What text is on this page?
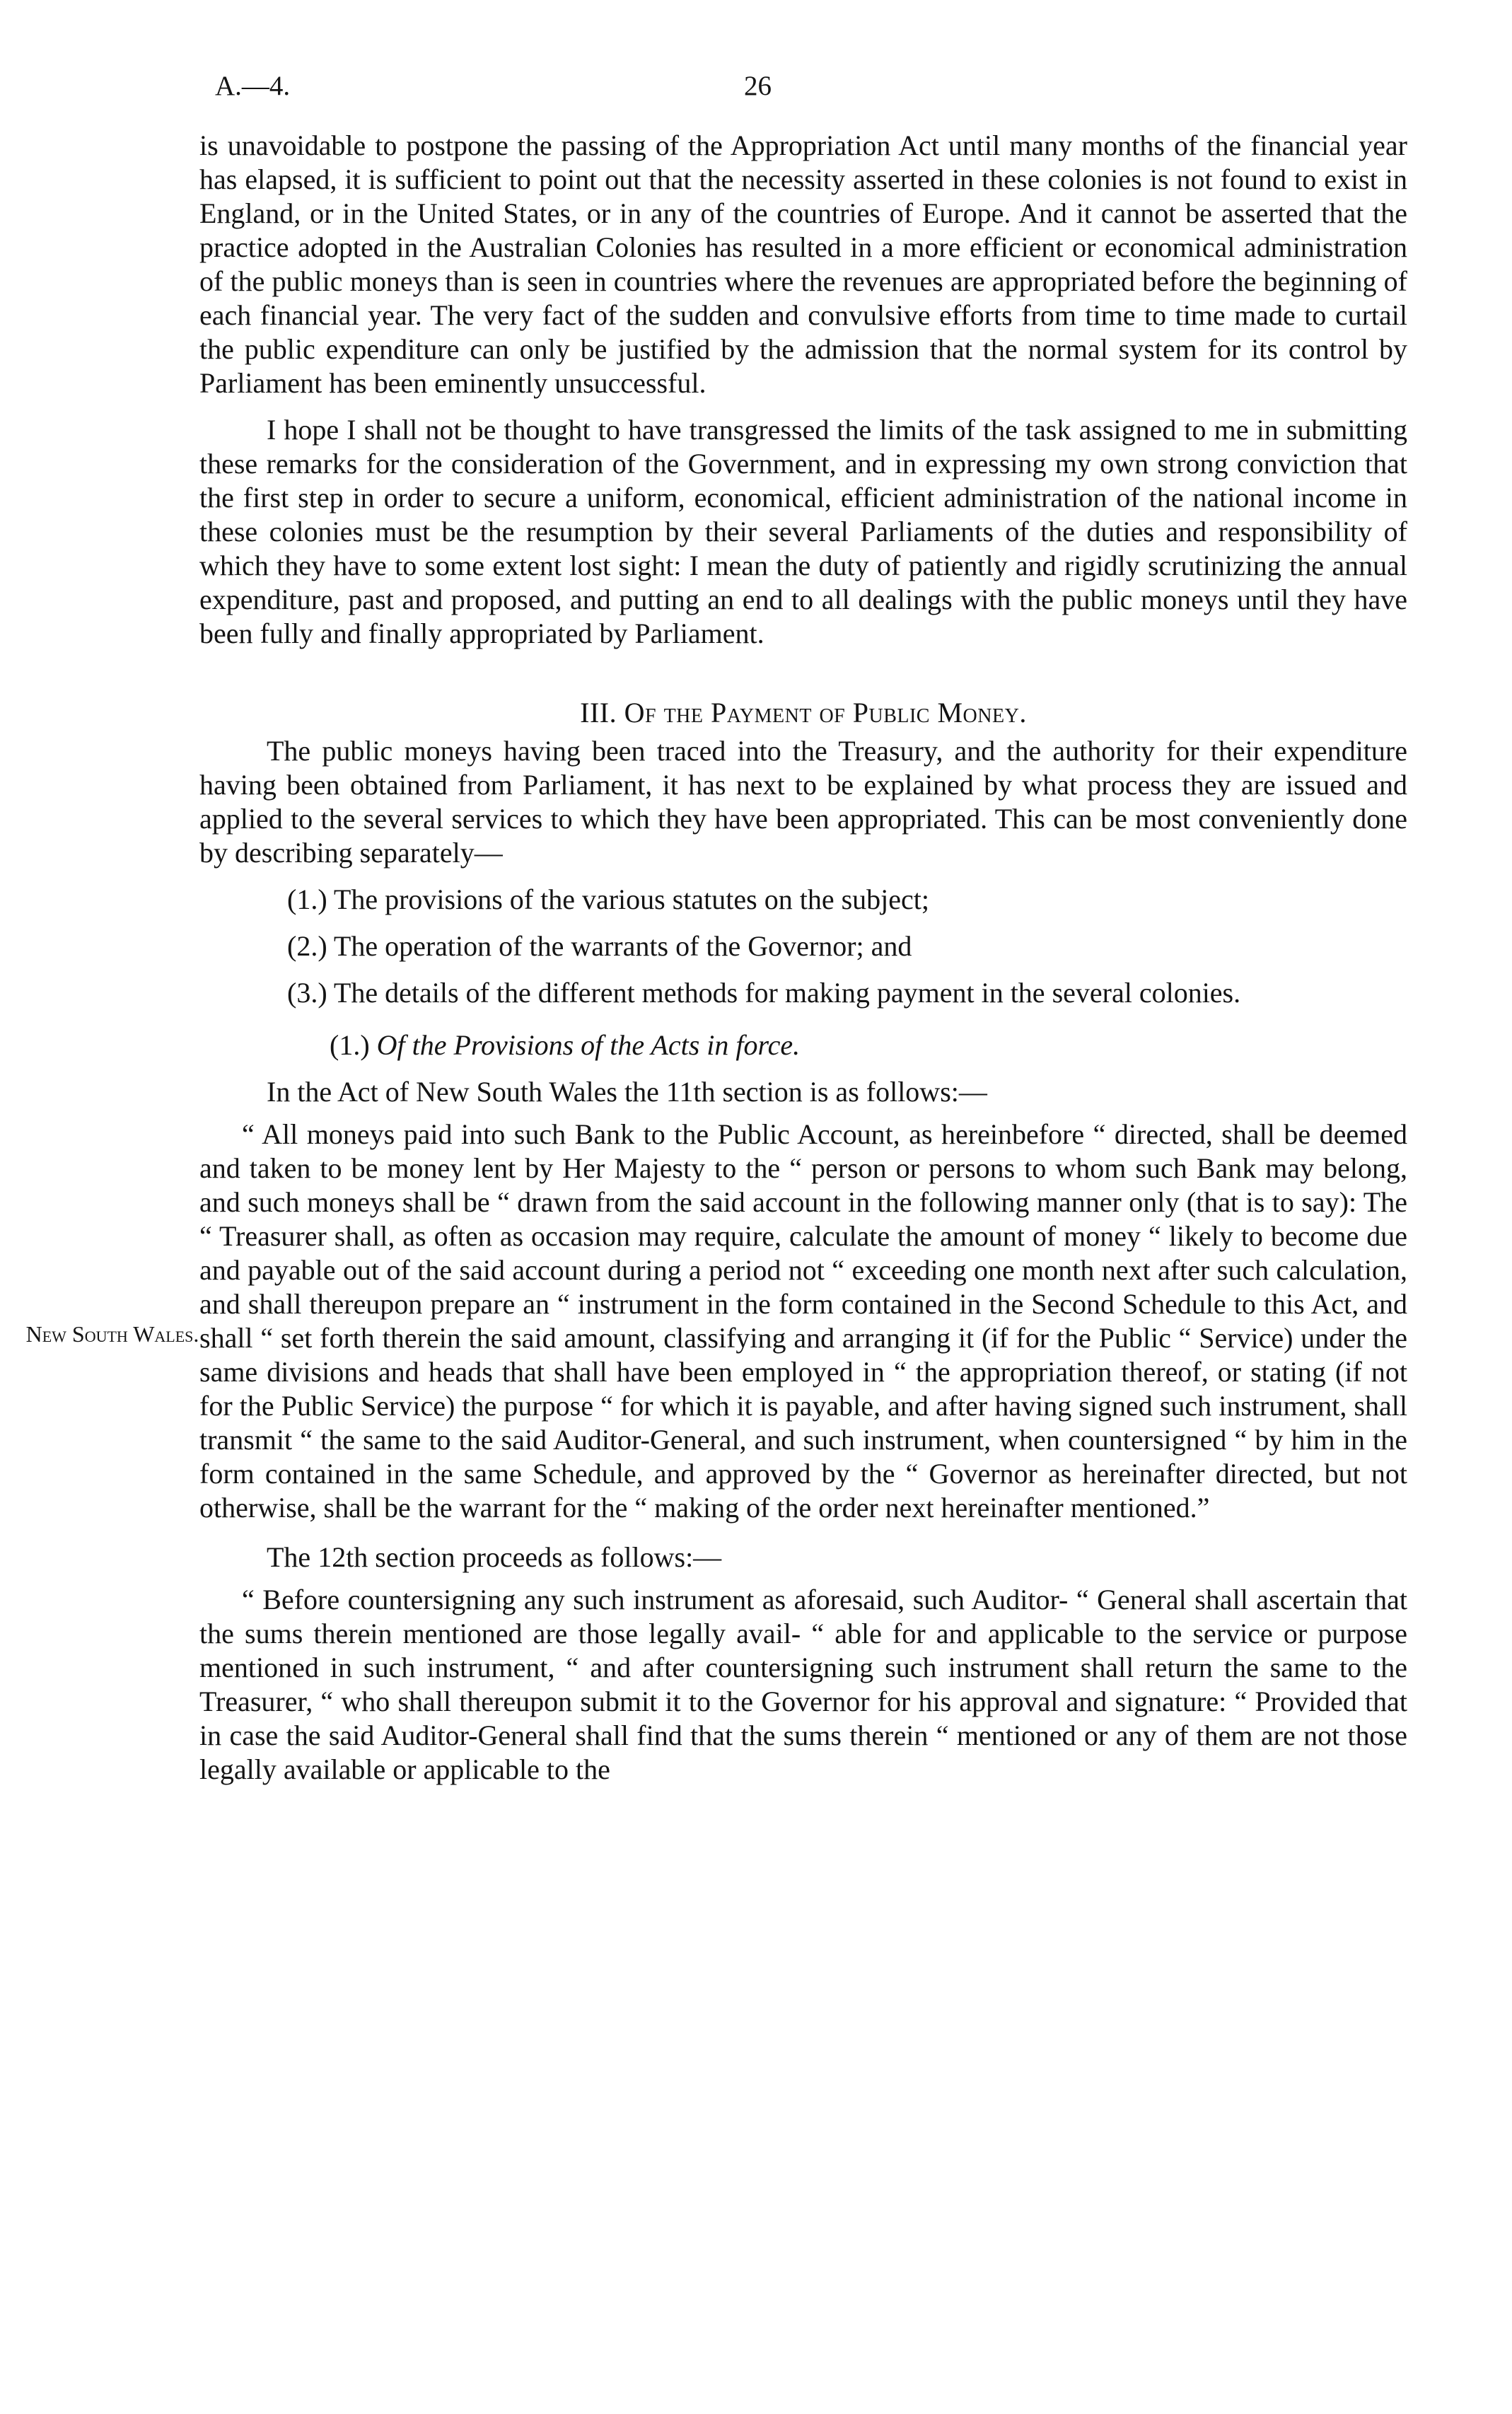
A.—4.	26
New South Wales.

is unavoidable to postpone the passing of the Appropriation Act until many months of the financial year has elapsed, it is sufficient to point out that the necessity asserted in these colonies is not found to exist in England, or in the United States, or in any of the countries of Europe. And it cannot be asserted that the practice adopted in the Australian Colonies has resulted in a more efficient or economical administration of the public moneys than is seen in countries where the revenues are appropriated before the beginning of each financial year. The very fact of the sudden and convulsive efforts from time to time made to curtail the public expenditure can only be justified by the admission that the normal system for its control by Parliament has been eminently unsuccessful.

I hope I shall not be thought to have transgressed the limits of the task assigned to me in submitting these remarks for the consideration of the Government, and in expressing my own strong conviction that the first step in order to secure a uniform, economical, efficient administration of the national income in these colonies must be the resumption by their several Parliaments of the duties and responsibility of which they have to some extent lost sight: I mean the duty of patiently and rigidly scrutinizing the annual expenditure, past and proposed, and putting an end to all dealings with the public moneys until they have been fully and finally appropriated by Parliament.

III. Of the Payment of Public Money.

The public moneys having been traced into the Treasury, and the authority for their expenditure having been obtained from Parliament, it has next to be explained by what process they are issued and applied to the several services to which they have been appropriated. This can be most conveniently done by describing separately—

(1.) The provisions of the various statutes on the subject;

(2.) The operation of the warrants of the Governor; and

(3.) The details of the different methods for making payment in the several colonies.

(1.) Of the Provisions of the Acts in force.

In the Act of New South Wales the 11th section is as follows:—

“ All moneys paid into such Bank to the Public Account, as hereinbefore “ directed, shall be deemed and taken to be money lent by Her Majesty to the “ person or persons to whom such Bank may belong, and such moneys shall be “ drawn from the said account in the following manner only (that is to say): The “ Treasurer shall, as often as occasion may require, calculate the amount of money “ likely to become due and payable out of the said account during a period not “ exceeding one month next after such calculation, and shall thereupon prepare an “ instrument in the form contained in the Second Schedule to this Act, and shall “ set forth therein the said amount, classifying and arranging it (if for the Public “ Service) under the same divisions and heads that shall have been employed in “ the appropriation thereof, or stating (if not for the Public Service) the purpose “ for which it is payable, and after having signed such instrument, shall transmit “ the same to the said Auditor-General, and such instrument, when countersigned “ by him in the form contained in the same Schedule, and approved by the “ Governor as hereinafter directed, but not otherwise, shall be the warrant for the “ making of the order next hereinafter mentioned.”

The 12th section proceeds as follows:—

“ Before countersigning any such instrument as aforesaid, such Auditor- “ General shall ascertain that the sums therein mentioned are those legally avail- “ able for and applicable to the service or purpose mentioned in such instrument, “ and after countersigning such instrument shall return the same to the Treasurer, “ who shall thereupon submit it to the Governor for his approval and signature: “ Provided that in case the said Auditor-General shall find that the sums therein “ mentioned or any of them are not those legally available or applicable to the
